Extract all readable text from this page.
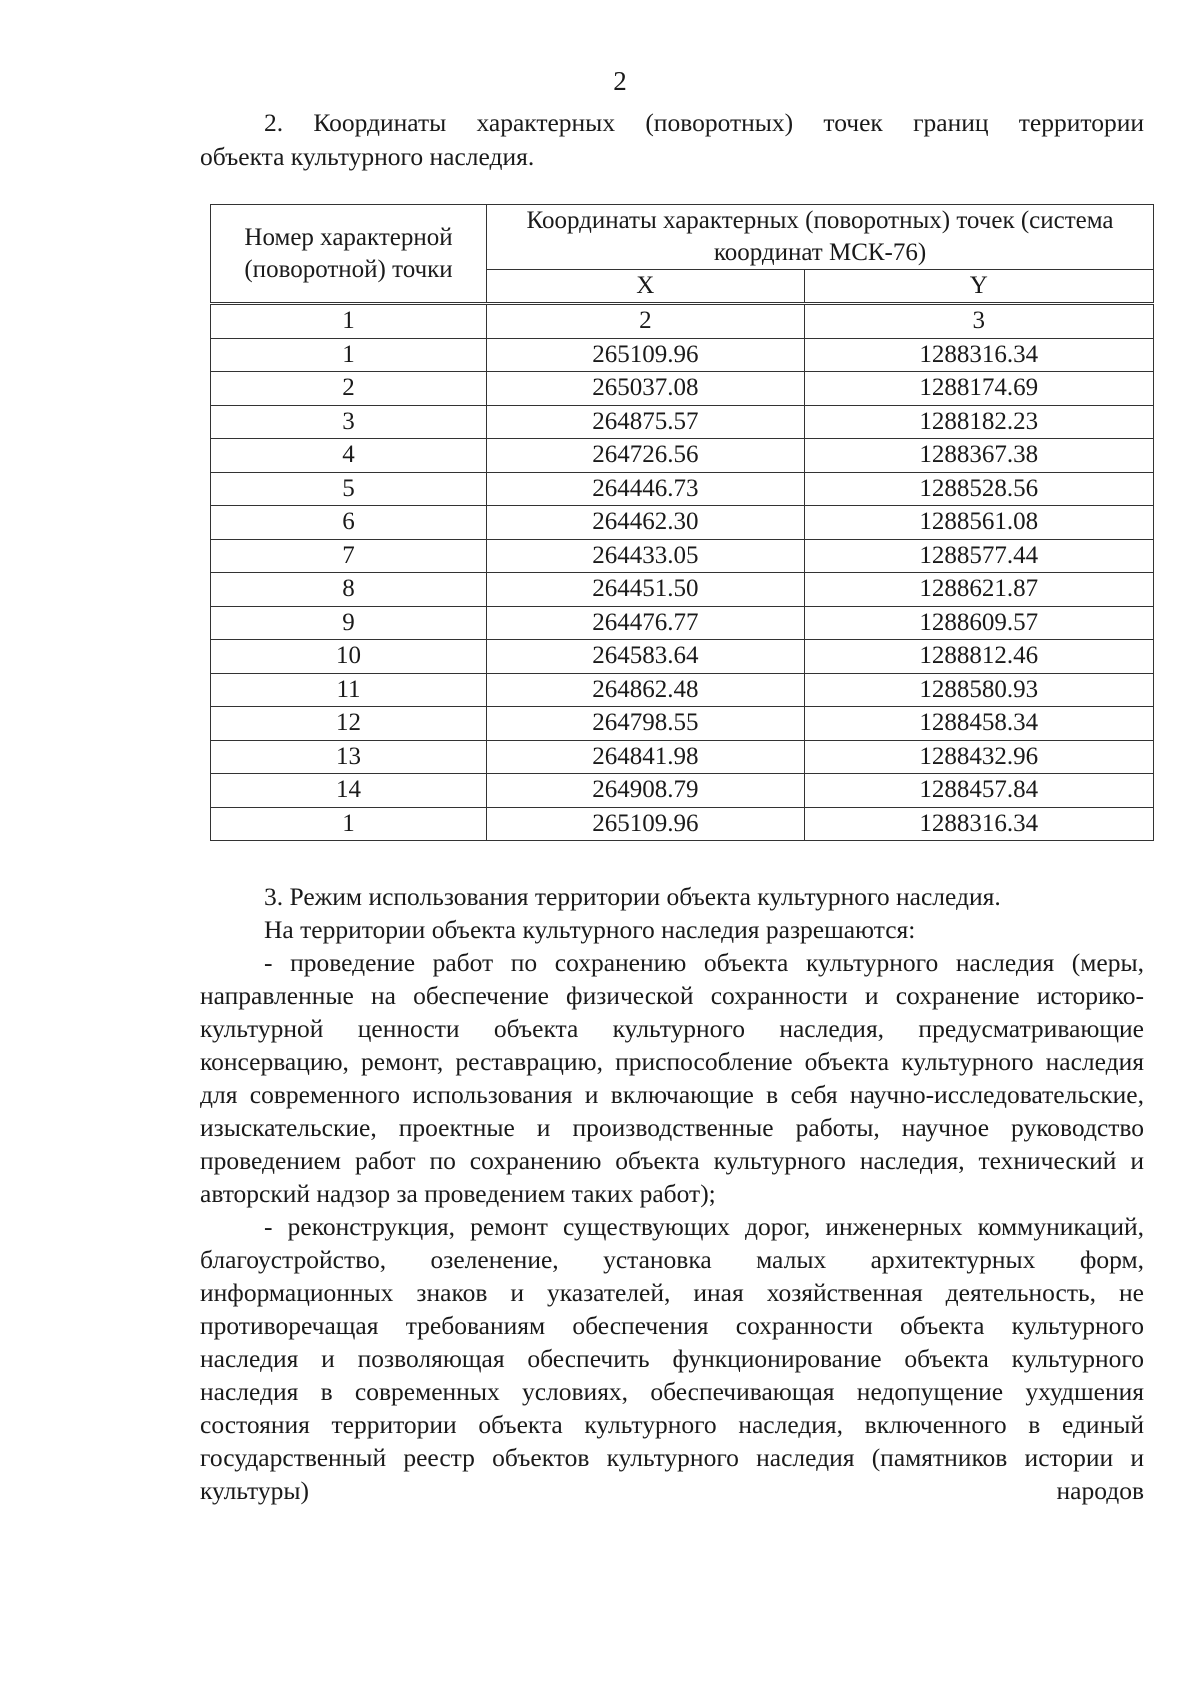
2
2. Координаты характерных (поворотных) точек границ территории
объекта культурного наследия.
Номер характерной (поворотной) точки	Координаты характерных (поворотных) точек (система координат МСК-76)	
	X	Y
1	2	3
1	265109.96	1288316.34
2	265037.08	1288174.69
3	264875.57	1288182.23
4	264726.56	1288367.38
5	264446.73	1288528.56
6	264462.30	1288561.08
7	264433.05	1288577.44
8	264451.50	1288621.87
9	264476.77	1288609.57
10	264583.64	1288812.46
11	264862.48	1288580.93
12	264798.55	1288458.34
13	264841.98	1288432.96
14	264908.79	1288457.84
1	265109.96	1288316.34

3. Режим использования территории объекта культурного наследия.

На территории объекта культурного наследия разрешаются:

- проведение работ по сохранению объекта культурного наследия (меры, направленные на обеспечение физической сохранности и сохранение историко-культурной ценности объекта культурного наследия, предусматривающие консервацию, ремонт, реставрацию, приспособление объекта культурного наследия для современного использования и включающие в себя научно-исследовательские, изыскательские, проектные и производственные работы, научное руководство проведением работ по сохранению объекта культурного наследия, технический и авторский надзор за проведением таких работ);

- реконструкция, ремонт существующих дорог, инженерных коммуникаций, благоустройство, озеленение, установка малых архитектурных форм, информационных знаков и указателей, иная хозяйственная деятельность, не противоречащая требованиям обеспечения сохранности объекта культурного наследия и позволяющая обеспечить функционирование объекта культурного наследия в современных условиях, обеспечивающая недопущение ухудшения состояния территории объекта культурного наследия, включенного в единый государственный реестр объектов культурного наследия (памятников истории и культуры) народов
